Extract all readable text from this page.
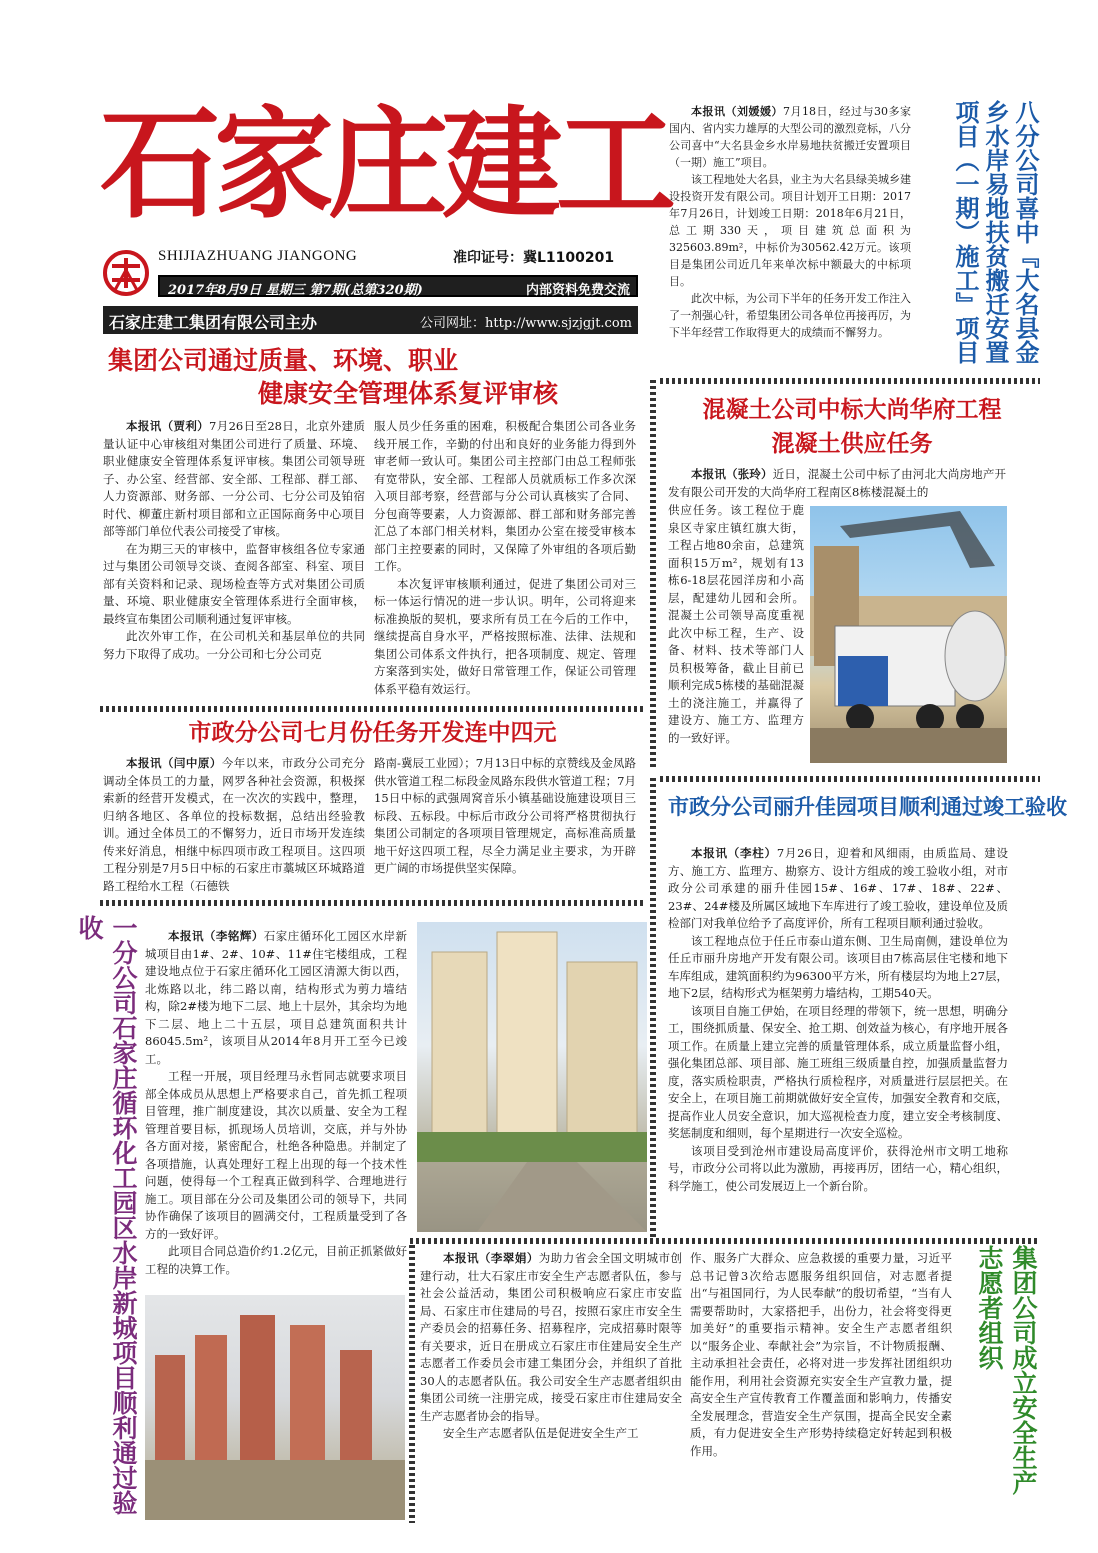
石家庄建工
SHIJIAZHUANG JIANGONG	准印证号：冀L1100201
2017年8月9日 星期三 第7期(总第320期)	内部资料免费交流
石家庄建工集团有限公司主办	公司网址：http://www.sjzjgjt.com

本报讯（刘媛媛）7月18日，经过与30多家国内、省内实力雄厚的大型公司的激烈竞标，八分公司喜中“大名县金乡水岸易地扶贫搬迁安置项目（一期）施工”项目。

该工程地处大名县，业主为大名县绿美城乡建设投资开发有限公司。项目计划开工日期：2017年7月26日，计划竣工日期：2018年6月21日，总工期330天，项目建筑总面积为325603.89m²，中标价为30562.42万元。该项目是集团公司近几年来单次标中额最大的中标项目。

此次中标，为公司下半年的任务开发工作注入了一剂强心针，希望集团公司各单位再接再厉，为下半年经营工作取得更大的成绩而不懈努力。	八分公司喜中『大名县金乡水岸易地扶贫搬迁安置项目（一期）施工』项目
集团公司通过质量、环境、职业
健康安全管理体系复评审核

本报讯（贾利）7月26日至28日，北京外建质量认证中心审核组对集团公司进行了质量、环境、职业健康安全管理体系复评审核。集团公司领导班子、办公室、经营部、安全部、工程部、群工部、人力资源部、财务部、一分公司、七分公司及铂宿时代、柳董庄新村项目部和立正国际商务中心项目部等部门单位代表公司接受了审核。

在为期三天的审核中，监督审核组各位专家通过与集团公司领导交谈、查阅各部室、科室、项目部有关资料和记录、现场检查等方式对集团公司质量、环境、职业健康安全管理体系进行全面审核，最终宣布集团公司顺利通过复评审核。

此次外审工作，在公司机关和基层单位的共同努力下取得了成功。一分公司和七分公司克

服人员少任务重的困难，积极配合集团公司各业务线开展工作，辛勤的付出和良好的业务能力得到外审老师一致认可。集团公司主控部门由总工程师张有宽带队，安全部、工程部人员就质标工作多次深入项目部考察，经营部与分公司认真核实了合同、分包商等要素，人力资源部、群工部和财务部完善汇总了本部门相关材料，集团办公室在接受审核本部门主控要素的同时，又保障了外审组的各项后勤工作。

本次复评审核顺利通过，促进了集团公司对三标一体运行情况的进一步认识。明年，公司将迎来标准换版的契机，要求所有员工在今后的工作中，继续提高自身水平，严格按照标准、法律、法规和集团公司体系文件执行，把各项制度、规定、管理方案落到实处，做好日常管理工作，保证公司管理体系平稳有效运行。

混凝土公司中标大尚华府工程
混凝土供应任务

本报讯（张玲）近日，混凝土公司中标了由河北大尚房地产开发有限公司开发的大尚华府工程南区8栋楼混凝土的

供应任务。该工程位于鹿泉区寺家庄镇红旗大街，工程占地80余亩，总建筑面积15万m²，规划有13栋6-18层花园洋房和小高层，配建幼儿园和会所。混凝土公司领导高度重视此次中标工程，生产、设备、材料、技术等部门人员积极筹备，截止目前已顺利完成5栋楼的基础混凝土的浇注施工，并赢得了建设方、施工方、监理方的一致好评。

市政分公司七月份任务开发连中四元

本报讯（闫中原）今年以来，市政分公司充分调动全体员工的力量，网罗各种社会资源，积极探索新的经营开发模式，在一次次的实践中，整理，归纳各地区、各单位的投标数据，总结出经验教训。通过全体员工的不懈努力，近日市场开发连续传来好消息，相继中标四项市政工程项目。这四项工程分别是7月5日中标的石家庄市藁城区环城路道路工程给水工程（石德铁

路南-冀辰工业园）；7月13日中标的京赞线及金凤路供水管道工程二标段金凤路东段供水管道工程；7月15日中标的武强周窝音乐小镇基础设施建设项目三标段、五标段。中标后市政分公司将严格贯彻执行集团公司制定的各项项目管理规定，高标准高质量地干好这四项工程，尽全力满足业主要求，为开辟更广阔的市场提供坚实保障。

市政分公司丽升佳园项目顺利通过竣工验收

本报讯（李柱）7月26日，迎着和风细雨，由质监局、建设方、施工方、监理方、勘察方、设计方组成的竣工验收小组，对市政分公司承建的丽升佳园15#、16#、17#、18#、22#、23#、24#楼及所属区域地下车库进行了竣工验收，建设单位及质检部门对我单位给予了高度评价，所有工程项目顺利通过验收。

该工程地点位于任丘市泰山道东侧、卫生局南侧，建设单位为任丘市丽升房地产开发有限公司。该项目由7栋高层住宅楼和地下车库组成，建筑面积约为96300平方米，所有楼层均为地上27层，地下2层，结构形式为框架剪力墙结构，工期540天。

该项目自施工伊始，在项目经理的带领下，统一思想，明确分工，围绕抓质量、保安全、抢工期、创效益为核心，有序地开展各项工作。在质量上建立完善的质量管理体系，成立质量监督小组，强化集团总部、项目部、施工班组三级质量自控，加强质量监督力度，落实质检职责，严格执行质检程序，对质量进行层层把关。在安全上，在项目施工前期就做好安全宣传，加强安全教育和交底，提高作业人员安全意识，加大巡视检查力度，建立安全考核制度、奖惩制度和细则，每个星期进行一次安全巡检。

该项目受到沧州市建设局高度评价，获得沧州市文明工地称号，市政分公司将以此为激励，再接再厉，团结一心，精心组织，科学施工，使公司发展迈上一个新台阶。

一分公司石家庄循环化工园区水岸新城项目顺利通过验收	本报讯（李铭辉）石家庄循环化工园区水岸新城项目由1#、2#、10#、11#住宅楼组成，工程建设地点位于石家庄循环化工园区清源大街以西，北炼路以北，纬二路以南，结构形式为剪力墙结构，除2#楼为地下二层、地上十层外，其余均为地下二层、地上二十五层，项目总建筑面积共计86045.5m²，该项目从2014年8月开工至今已竣工。

工程一开展，项目经理马永哲同志就要求项目部全体成员从思想上严格要求自己，首先抓工程项目管理，推广制度建设，其次以质量、安全为工程管理首要目标，抓现场人员培训，交底，并与外协各方面对接，紧密配合，杜绝各种隐患。并制定了各项措施，认真处理好工程上出现的每一个技术性问题，使得每一个工程真正做到科学、合理地进行施工。项目部在分公司及集团公司的领导下，共同协作确保了该项目的圆满交付，工程质量受到了各方的一致好评。

此项目合同总造价约1.2亿元，目前正抓紧做好工程的决算工作。

本报讯（李翠娟）为助力省会全国文明城市创建行动，壮大石家庄市安全生产志愿者队伍，参与社会公益活动，集团公司积极响应石家庄市安监局、石家庄市住建局的号召，按照石家庄市安全生产委员会的招募任务、招募程序，完成招募时限等有关要求，近日在册成立石家庄市住建局安全生产志愿者工作委员会市建工集团分会，并组织了首批30人的志愿者队伍。我公司安全生产志愿者组织由集团公司统一注册完成，接受石家庄市住建局安全生产志愿者协会的指导。

安全生产志愿者队伍是促进安全生产工

作、服务广大群众、应急救援的重要力量，习近平总书记曾3次给志愿服务组织回信，对志愿者提出“与祖国同行，为人民奉献”的殷切希望，“当有人需要帮助时，大家搭把手，出份力，社会将变得更加美好”的重要指示精神。安全生产志愿者组织以“服务企业、奉献社会”为宗旨，不计物质报酬、主动承担社会责任，必将对进一步发挥社团组织功能作用，利用社会资源充实安全生产宣教力量，提高安全生产宣传教育工作覆盖面和影响力，传播安全发展理念，营造安全生产氛围，提高全民安全素质，有力促进安全生产形势持续稳定好转起到积极作用。	集团公司成立安全生产志愿者组织
